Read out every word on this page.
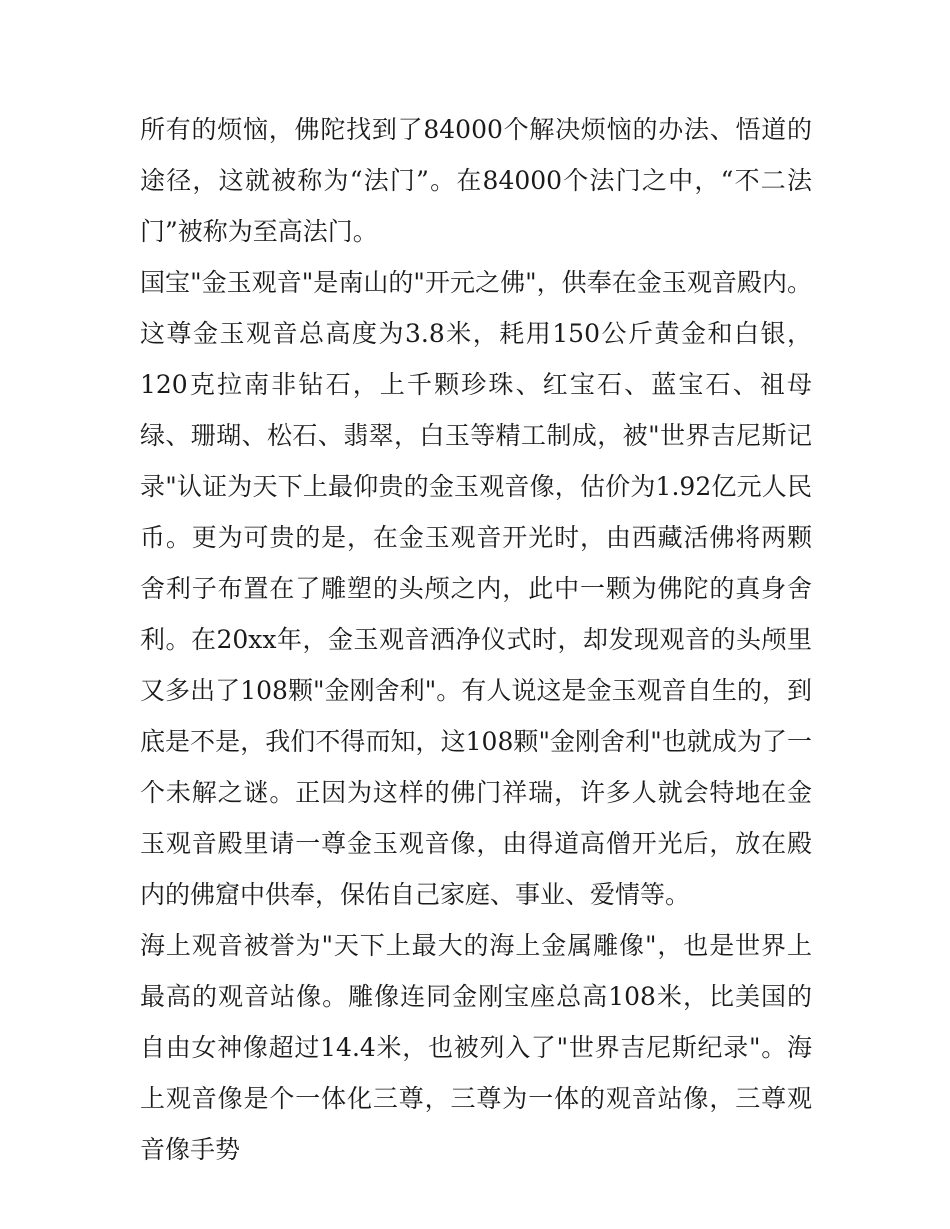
所有的烦恼，佛陀找到了84000个解决烦恼的办法、悟道的途径，这就被称为“法门”。在84000个法门之中，“不二法门”被称为至高法门。

国宝"金玉观音"是南山的"开元之佛"，供奉在金玉观音殿内。这尊金玉观音总高度为3.8米，耗用150公斤黄金和白银，120克拉南非钻石，上千颗珍珠、红宝石、蓝宝石、祖母绿、珊瑚、松石、翡翠，白玉等精工制成，被"世界吉尼斯记录"认证为天下上最仰贵的金玉观音像，估价为1.92亿元人民币。更为可贵的是，在金玉观音开光时，由西藏活佛将两颗舍利子布置在了雕塑的头颅之内，此中一颗为佛陀的真身舍利。在20xx年，金玉观音洒净仪式时，却发现观音的头颅里又多出了108颗"金刚舍利"。有人说这是金玉观音自生的，到底是不是，我们不得而知，这108颗"金刚舍利"也就成为了一个未解之谜。正因为这样的佛门祥瑞，许多人就会特地在金玉观音殿里请一尊金玉观音像，由得道高僧开光后，放在殿内的佛窟中供奉，保佑自己家庭、事业、爱情等。

海上观音被誉为"天下上最大的海上金属雕像"，也是世界上最高的观音站像。雕像连同金刚宝座总高108米，比美国的自由女神像超过14.4米，也被列入了"世界吉尼斯纪录"。海上观音像是个一体化三尊，三尊为一体的观音站像，三尊观音像手势
